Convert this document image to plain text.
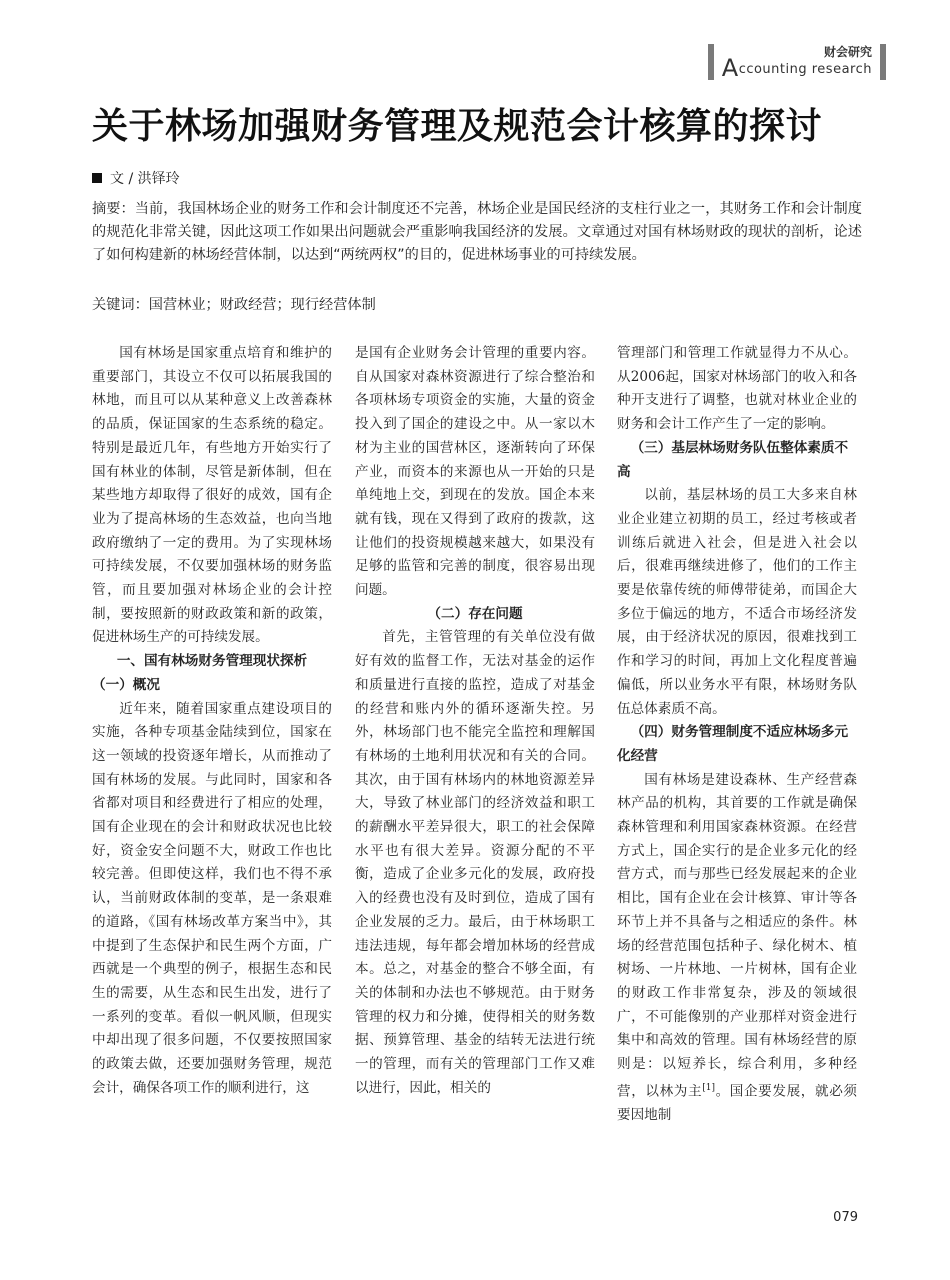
财会研究
Accounting research
关于林场加强财务管理及规范会计核算的探讨
文 / 洪铎玲
摘要：当前，我国林场企业的财务工作和会计制度还不完善，林场企业是国民经济的支柱行业之一，其财务工作和会计制度的规范化非常关键，因此这项工作如果出问题就会严重影响我国经济的发展。文章通过对国有林场财政的现状的剖析，论述了如何构建新的林场经营体制，以达到“两统两权”的目的，促进林场事业的可持续发展。
关键词：国营林业；财政经营；现行经营体制

国有林场是国家重点培育和维护的重要部门，其设立不仅可以拓展我国的林地，而且可以从某种意义上改善森林的品质，保证国家的生态系统的稳定。特别是最近几年，有些地方开始实行了国有林业的体制，尽管是新体制，但在某些地方却取得了很好的成效，国有企业为了提高林场的生态效益，也向当地政府缴纳了一定的费用。为了实现林场可持续发展，不仅要加强林场的财务监管，而且要加强对林场企业的会计控制，要按照新的财政政策和新的政策，促进林场生产的可持续发展。

一、国有林场财务管理现状探析
（一）概况

近年来，随着国家重点建设项目的实施，各种专项基金陆续到位，国家在这一领域的投资逐年增长，从而推动了国有林场的发展。与此同时，国家和各省都对项目和经费进行了相应的处理，国有企业现在的会计和财政状况也比较好，资金安全问题不大，财政工作也比较完善。但即使这样，我们也不得不承认，当前财政体制的变革，是一条艰难的道路，《国有林场改革方案当中》，其中提到了生态保护和民生两个方面，广西就是一个典型的例子，根据生态和民生的需要，从生态和民生出发，进行了一系列的变革。看似一帆风顺，但现实中却出现了很多问题，不仅要按照国家的政策去做，还要加强财务管理，规范会计，确保各项工作的顺利进行，这

是国有企业财务会计管理的重要内容。自从国家对森林资源进行了综合整治和各项林场专项资金的实施，大量的资金投入到了国企的建设之中。从一家以木材为主业的国营林区，逐渐转向了环保产业，而资本的来源也从一开始的只是单纯地上交，到现在的发放。国企本来就有钱，现在又得到了政府的拨款，这让他们的投资规模越来越大，如果没有足够的监管和完善的制度，很容易出现问题。

（二）存在问题

首先，主管管理的有关单位没有做好有效的监督工作，无法对基金的运作和质量进行直接的监控，造成了对基金的经营和账内外的循环逐渐失控。另外，林场部门也不能完全监控和理解国有林场的土地利用状况和有关的合同。其次，由于国有林场内的林地资源差异大，导致了林业部门的经济效益和职工的薪酬水平差异很大，职工的社会保障水平也有很大差异。资源分配的不平衡，造成了企业多元化的发展，政府投入的经费也没有及时到位，造成了国有企业发展的乏力。最后，由于林场职工违法违规，每年都会增加林场的经营成本。总之，对基金的整合不够全面，有关的体制和办法也不够规范。由于财务管理的权力和分摊，使得相关的财务数据、预算管理、基金的结转无法进行统一的管理，而有关的管理部门工作又难以进行，因此，相关的

管理部门和管理工作就显得力不从心。从2006起，国家对林场部门的收入和各种开支进行了调整，也就对林业企业的财务和会计工作产生了一定的影响。

（三）基层林场财务队伍整体素质不高

以前，基层林场的员工大多来自林业企业建立初期的员工，经过考核或者训练后就进入社会，但是进入社会以后，很难再继续进修了，他们的工作主要是依靠传统的师傅带徒弟，而国企大多位于偏远的地方，不适合市场经济发展，由于经济状况的原因，很难找到工作和学习的时间，再加上文化程度普遍偏低，所以业务水平有限，林场财务队伍总体素质不高。

（四）财务管理制度不适应林场多元化经营

国有林场是建设森林、生产经营森林产品的机构，其首要的工作就是确保森林管理和利用国家森林资源。在经营方式上，国企实行的是企业多元化的经营方式，而与那些已经发展起来的企业相比，国有企业在会计核算、审计等各环节上并不具备与之相适应的条件。林场的经营范围包括种子、绿化树木、植树场、一片林地、一片树林，国有企业的财政工作非常复杂，涉及的领域很广，不可能像别的产业那样对资金进行集中和高效的管理。国有林场经营的原则是：以短养长，综合利用，多种经营，以林为主[1]。国企要发展，就必须要因地制

079
